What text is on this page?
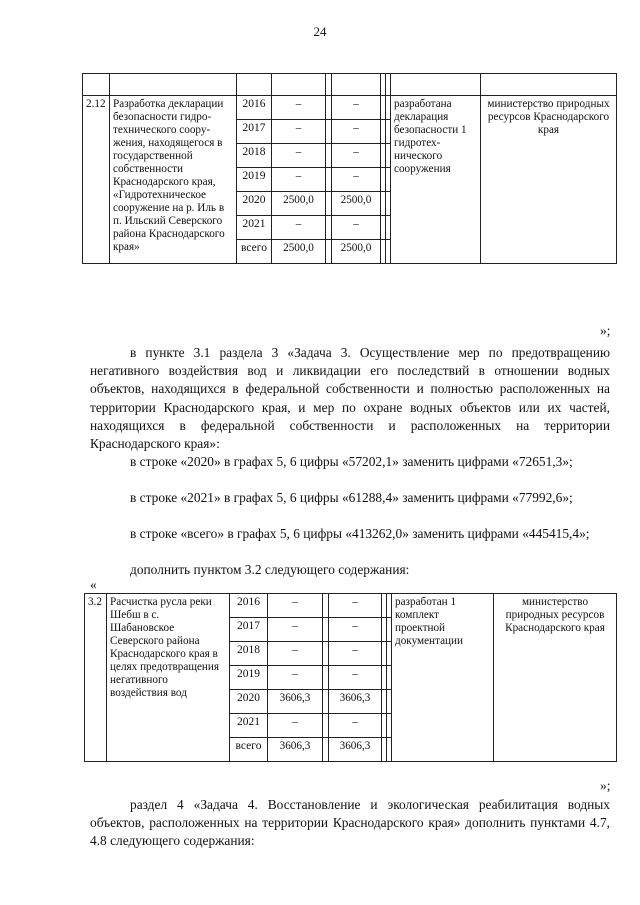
24

2.12	Разработка декларации безопасности гидротехнического сооружения, находящегося в государственной собственности Краснодарского края, «Гидротехническое сооружение на р. Иль в п. Ильский Северского района Краснодарского края»	2016	–		–			разработана декларация безопасности 1 гидротехнического сооружения	министерство природных ресурсов Краснодарского края
		2017	–		–				
		2018	–		–				
		2019	–		–				
		2020	2500,0		2500,0				
		2021	–		–				
		всего	2500,0		2500,0				
»;
в пункте 3.1 раздела 3 «Задача 3. Осуществление мер по предотвращению негативного воздействия вод и ликвидации его последствий в отношении водных объектов, находящихся в федеральной собственности и полностью расположенных на территории Краснодарского края, и мер по охране водных объектов или их частей, находящихся в федеральной собственности и расположенных на территории Краснодарского края»:
в строке «2020» в графах 5, 6 цифры «57202,1» заменить цифрами «72651,3»;
в строке «2021» в графах 5, 6 цифры «61288,4» заменить цифрами «77992,6»;
в строке «всего» в графах 5, 6 цифры «413262,0» заменить цифрами «445415,4»;
дополнить пунктом 3.2 следующего содержания:
«
3.2	Расчистка русла реки Шебш в с. Шабановское Северского района Краснодарского края в целях предотвращения негативного воздействия вод	2016	–		–			разработан 1 комплект проектной документации	министерство природных ресурсов Краснодарского края
		2017	–		–				
		2018	–		–				
		2019	–		–				
		2020	3606,3		3606,3				
		2021	–		–				
		всего	3606,3		3606,3				
»;
раздел 4 «Задача 4. Восстановление и экологическая реабилитация водных объектов, расположенных на территории Краснодарского края» дополнить пунктами 4.7, 4.8 следующего содержания:
